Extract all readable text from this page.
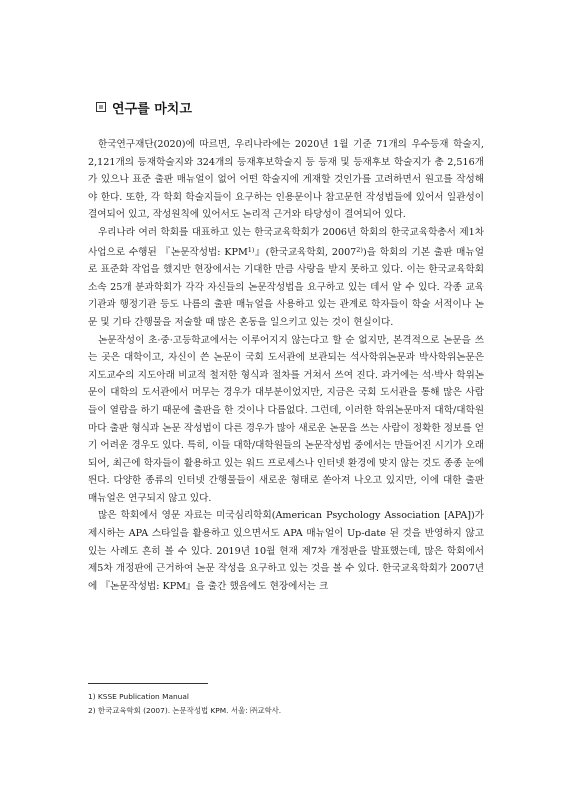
연구를 마치고

한국연구재단(2020)에 따르면, 우리나라에는 2020년 1월 기준 71개의 우수등재 학술지, 2,121개의 등재학술지와 324개의 등재후보학술지 등 등재 및 등재후보 학술지가 총 2,516개가 있으나 표준 출판 매뉴얼이 없어 어떤 학술지에 게재할 것인가를 고려하면서 원고를 작성해야 한다. 또한, 각 학회 학술지들이 요구하는 인용문이나 참고문헌 작성법들에 있어서 일관성이 결여되어 있고, 작성원칙에 있어서도 논리적 근거와 타당성이 결여되어 있다.

우리나라 여러 학회를 대표하고 있는 한국교육학회가 2006년 학회의 한국교육학총서 제1차 사업으로 수행된 『논문작성법: KPM$^{1)}$』(한국교육학회, 2007$^{2)}$)을 학회의 기본 출판 매뉴얼로 표준화 작업을 했지만 현장에서는 기대한 만큼 사랑을 받지 못하고 있다. 이는 한국교육학회 소속 25개 분과학회가 각각 자신들의 논문작성법을 요구하고 있는 데서 알 수 있다. 각종 교육기관과 행정기관 등도 나름의 출판 매뉴얼을 사용하고 있는 관계로 학자들이 학술 서적이나 논문 및 기타 간행물을 저술할 때 많은 혼동을 일으키고 있는 것이 현실이다.

논문작성이 초·중·고등학교에서는 이루어지지 않는다고 할 순 없지만, 본격적으로 논문을 쓰는 곳은 대학이고, 자신이 쓴 논문이 국회 도서관에 보관되는 석사학위논문과 박사학위논문은 지도교수의 지도아래 비교적 철저한 형식과 절차를 거쳐서 쓰여 진다. 과거에는 석·박사 학위논문이 대학의 도서관에서 머무는 경우가 대부분이었지만, 지금은 국회 도서관을 통해 많은 사람들이 열람을 하기 때문에 출판을 한 것이나 다름없다. 그런데, 이러한 학위논문마저 대학/대학원마다 출판 형식과 논문 작성법이 다른 경우가 많아 새로운 논문을 쓰는 사람이 정확한 정보를 얻기 어려운 경우도 있다. 특히, 이들 대학/대학원들의 논문작성법 중에서는 만들어진 시기가 오래되어, 최근에 학자들이 활용하고 있는 워드 프로세스나 인터넷 환경에 맞지 않는 것도 종종 눈에 띈다. 다양한 종류의 인터넷 간행물들이 새로운 형태로 쏟아져 나오고 있지만, 이에 대한 출판 매뉴얼은 연구되지 않고 있다.

많은 학회에서 영문 자료는 미국심리학회(American Psychology Association [APA])가 제시하는 APA 스타일을 활용하고 있으면서도 APA 매뉴얼이 Up-date 된 것을 반영하지 않고 있는 사례도 흔히 볼 수 있다. 2019년 10월 현재 제7차 개정판을 발표했는데, 많은 학회에서 제5차 개정판에 근거하여 논문 작성을 요구하고 있는 것을 볼 수 있다. 한국교육학회가 2007년에 『논문작성법: KPM』을 출간 했음에도 현장에서는 크

1) KSSE Publication Manual
2) 한국교육학회 (2007). 논문작성법 KPM. 서울: ㈜교학사.
